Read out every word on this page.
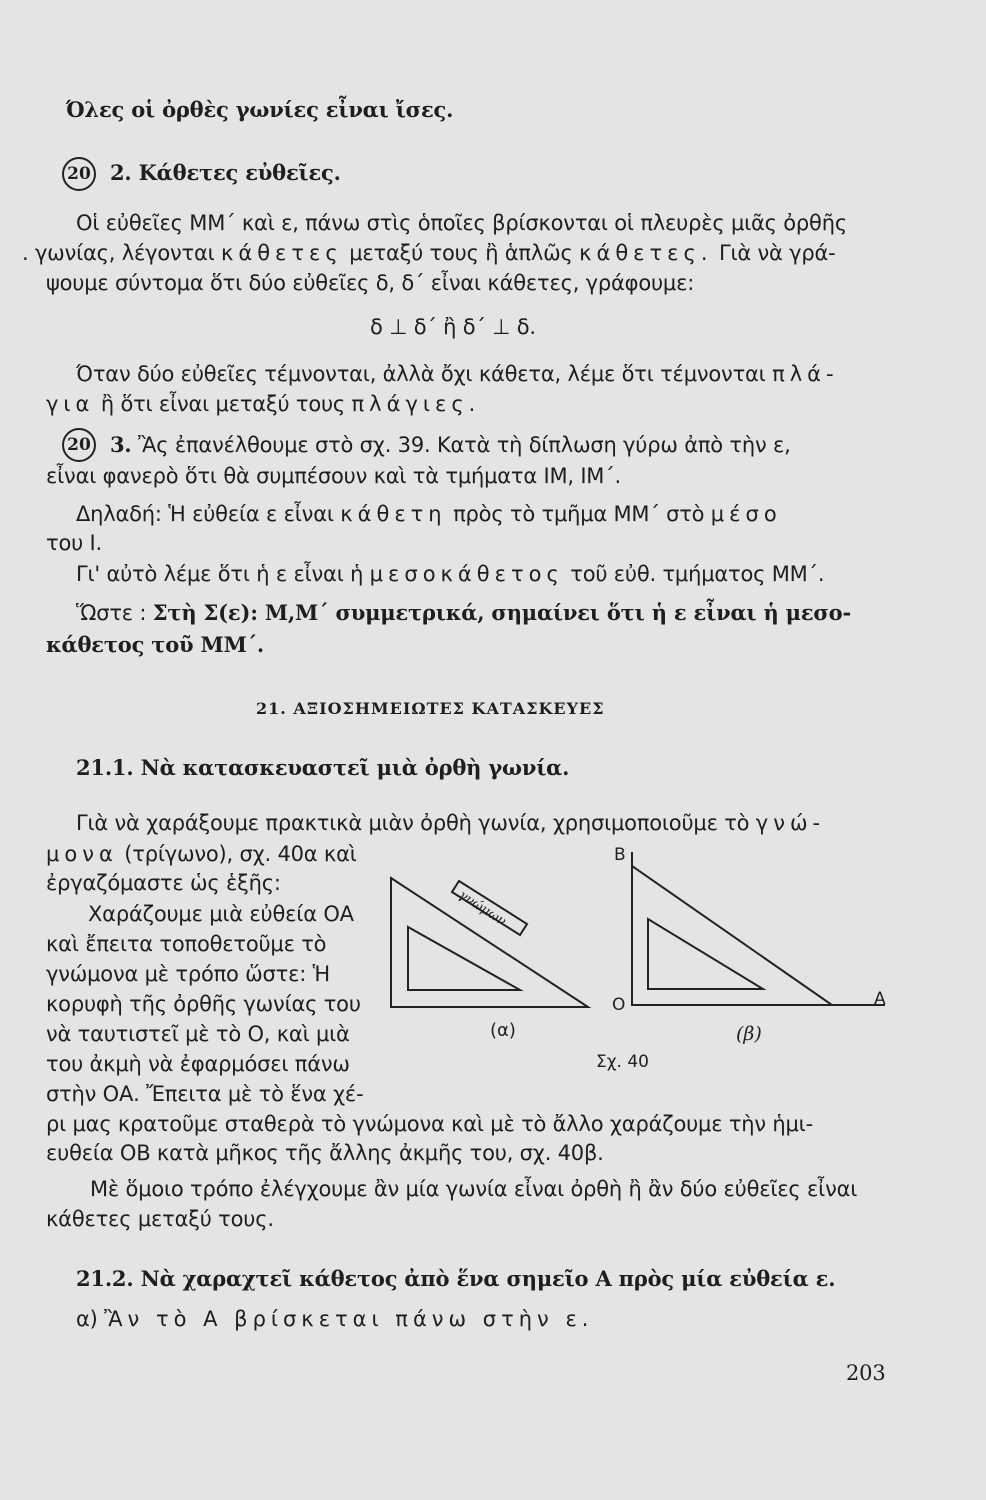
Όλες οἱ ὀρθὲς γωνίες εἶναι ἴσες.
20 2. Κάθετες εὐθεῖες.
Οἱ εὐθεῖες ΜΜ΄ καὶ ε, πάνω στὶς ὁποῖες βρίσκονται οἱ πλευρὲς μιᾶς ὀρθῆς
. γωνίας, λέγονται κάθετες μεταξύ τους ἢ ἁπλῶς κάθετες. Γιὰ νὰ γρά-
ψουμε σύντομα ὅτι δύο εὐθεῖες δ, δ΄ εἶναι κάθετες, γράφουμε:
δ ⊥ δ΄ ἢ δ΄ ⊥ δ.
Όταν δύο εὐθεῖες τέμνονται, ἀλλὰ ὄχι κάθετα, λέμε ὅτι τέμνονται πλά-
για ἢ ὅτι εἶναι μεταξύ τους πλάγιες.
20 3. Ἂς ἐπανέλθουμε στὸ σχ. 39. Κατὰ τὴ δίπλωση γύρω ἀπὸ τὴν ε,
εἶναι φανερὸ ὅτι θὰ συμπέσουν καὶ τὰ τμήματα ΙΜ, ΙΜ΄.
Δηλαδή: Ἡ εὐθεία ε εἶναι κάθετη πρὸς τὸ τμῆμα ΜΜ΄ στὸ μέσο
του Ι.
Γι' αὐτὸ λέμε ὅτι ἡ ε εἶναι ἡ μεσοκάθετος τοῦ εὐθ. τμήματος ΜΜ΄.
Ὥστε : Στὴ Σ(ε): Μ,Μ΄ συμμετρικά, σημαίνει ὅτι ἡ ε εἶναι ἡ μεσο-
κάθετος τοῦ ΜΜ΄.
21. ΑΞΙΟΣΗΜΕΙΩΤΕΣ ΚΑΤΑΣΚΕΥΕΣ
21.1. Νὰ κατασκευαστεῖ μιὰ ὀρθὴ γωνία.
Γιὰ νὰ χαράξουμε πρακτικὰ μιὰν ὀρθὴ γωνία, χρησιμοποιοῦμε τὸ γνώ-
μονα (τρίγωνο), σχ. 40α καὶ
ἐργαζόμαστε ὡς ἑξῆς:
Χαράζουμε μιὰ εὐθεία ΟΑ
καὶ ἔπειτα τοποθετοῦμε τὸ
γνώμονα μὲ τρόπο ὥστε: Ἡ
κορυφὴ τῆς ὀρθῆς γωνίας του
νὰ ταυτιστεῖ μὲ τὸ Ο, καὶ μιὰ
του ἀκμὴ νὰ ἐφαρμόσει πάνω
στὴν ΟΑ. Ἔπειτα μὲ τὸ ἕνα χέ-
ρι μας κρατοῦμε σταθερὰ τὸ γνώμονα καὶ μὲ τὸ ἄλλο χαράζουμε τὴν ἡμι-
ευθεία ΟΒ κατὰ μῆκος τῆς ἄλλης ἀκμῆς του, σχ. 40β.
Μὲ ὅμοιο τρόπο ἐλέγχουμε ἂν μία γωνία εἶναι ὀρθὴ ἢ ἂν δύο εὐθεῖες εἶναι
κάθετες μεταξύ τους.
21.2. Νὰ χαραχτεῖ κάθετος ἀπὸ ἕνα σημεῖο Α πρὸς μία εὐθεία ε.
α) Ἂν τὸ Α βρίσκεται πάνω στὴν ε.
γνώμων
Β
Ο	Α
(α)	(β)
Σχ. 40
203
